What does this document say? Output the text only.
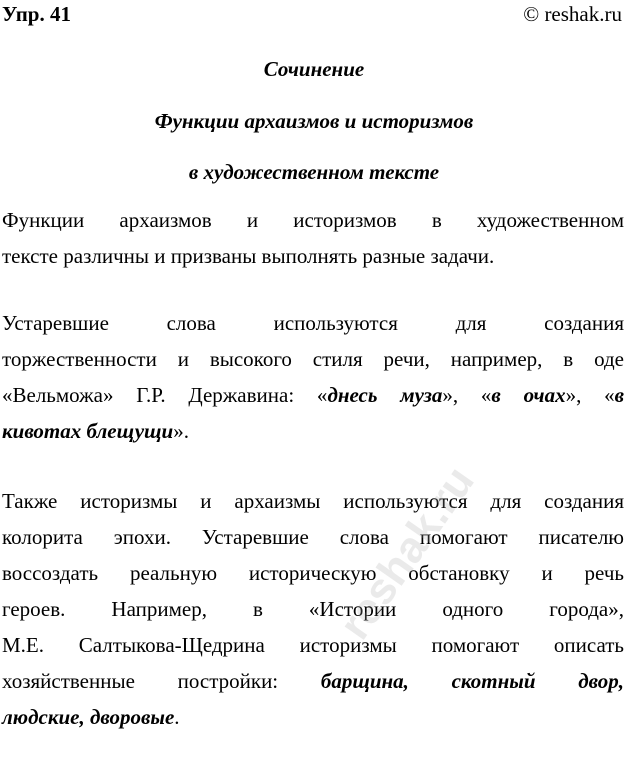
Упр. 41	© reshak.ru
Сочинение
Функции архаизмов и историзмов
в художественном тексте
Функции архаизмов и историзмов в художественном
тексте различны и призваны выполнять разные задачи.
Устаревшие слова используются для создания
торжественности и высокого стиля речи, например, в оде
«Вельможа» Г.Р. Державина: «днесь муза», «в очах», «в
кивотах блещущи».
Также историзмы и архаизмы используются для создания
колорита эпохи. Устаревшие слова помогают писателю
воссоздать реальную историческую обстановку и речь
героев. Например, в «Истории одного города»,
М.Е. Салтыкова-Щедрина историзмы помогают описать
хозяйственные постройки: барщина, скотный двор,
людские, дворовые.
reshak.ru
